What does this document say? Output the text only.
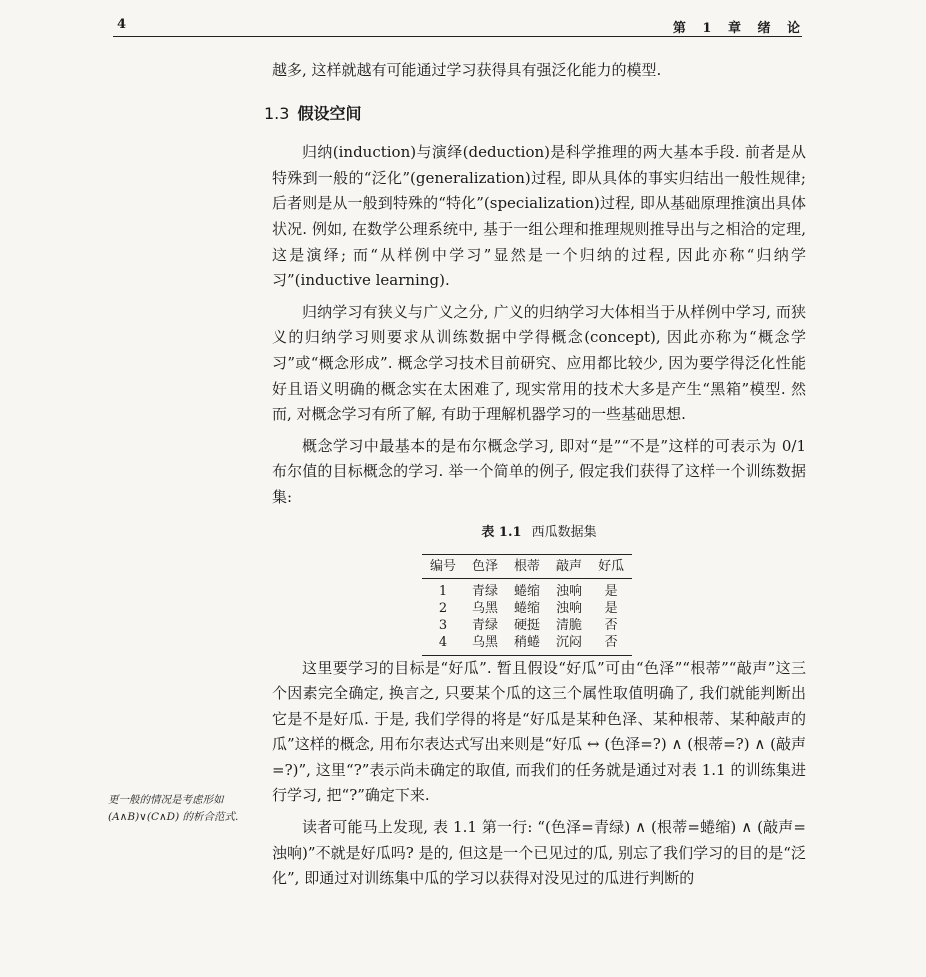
4	第 1 章 绪 论

越多, 这样就越有可能通过学习获得具有强泛化能力的模型.

1.3 假设空间

归纳(induction)与演绎(deduction)是科学推理的两大基本手段. 前者是从特殊到一般的“泛化”(generalization)过程, 即从具体的事实归结出一般性规律; 后者则是从一般到特殊的“特化”(specialization)过程, 即从基础原理推演出具体状况. 例如, 在数学公理系统中, 基于一组公理和推理规则推导出与之相洽的定理, 这是演绎; 而“从样例中学习”显然是一个归纳的过程, 因此亦称“归纳学习”(inductive learning).

归纳学习有狭义与广义之分, 广义的归纳学习大体相当于从样例中学习, 而狭义的归纳学习则要求从训练数据中学得概念(concept), 因此亦称为“概念学习”或“概念形成”. 概念学习技术目前研究、应用都比较少, 因为要学得泛化性能好且语义明确的概念实在太困难了, 现实常用的技术大多是产生“黑箱”模型. 然而, 对概念学习有所了解, 有助于理解机器学习的一些基础思想.

概念学习中最基本的是布尔概念学习, 即对“是”“不是”这样的可表示为 0/1 布尔值的目标概念的学习. 举一个简单的例子, 假定我们获得了这样一个训练数据集:

表 1.1 西瓜数据集
编号	色泽	根蒂	敲声	好瓜
1	青绿	蜷缩	浊响	是
2	乌黑	蜷缩	浊响	是
3	青绿	硬挺	清脆	否
4	乌黑	稍蜷	沉闷	否

这里要学习的目标是“好瓜”. 暂且假设“好瓜”可由“色泽”“根蒂”“敲声”这三个因素完全确定, 换言之, 只要某个瓜的这三个属性取值明确了, 我们就能判断出它是不是好瓜. 于是, 我们学得的将是“好瓜是某种色泽、某种根蒂、某种敲声的瓜”这样的概念, 用布尔表达式写出来则是“好瓜 ↔ (色泽=?) ∧ (根蒂=?) ∧ (敲声=?)”, 这里“?”表示尚未确定的取值, 而我们的任务就是通过对表 1.1 的训练集进行学习, 把“?”确定下来.

读者可能马上发现, 表 1.1 第一行: “(色泽=青绿) ∧ (根蒂=蜷缩) ∧ (敲声=浊响)”不就是好瓜吗? 是的, 但这是一个已见过的瓜, 别忘了我们学习的目的是“泛化”, 即通过对训练集中瓜的学习以获得对没见过的瓜进行判断的

更一般的情况是考虑形如 (A∧B)∨(C∧D) 的析合范式.
